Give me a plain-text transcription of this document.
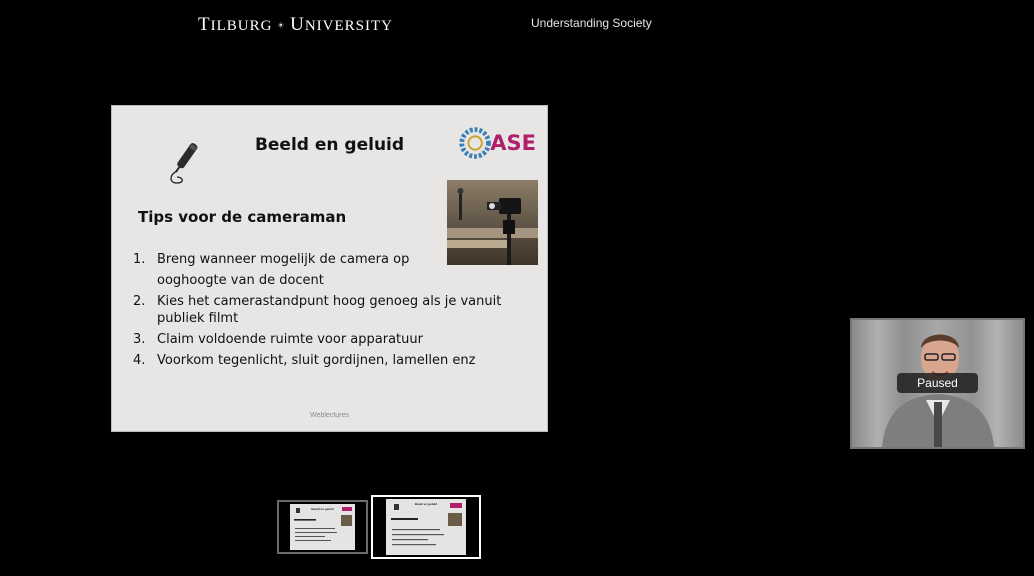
TILBURG UNIVERSITY	Understanding Society
Beeld en geluid	ASE
Tips voor de cameraman
1. Breng wanneer mogelijk de camera op
ooghoogte van de docent
2. Kies het camerastandpunt hoog genoeg als je vanuit publiek filmt
3. Claim voldoende ruimte voor apparatuur
4. Voorkom tegenlicht, sluit gordijnen, lamellen enz
Weblectures
Paused
Beeld en geluid
Beeld en geluid
